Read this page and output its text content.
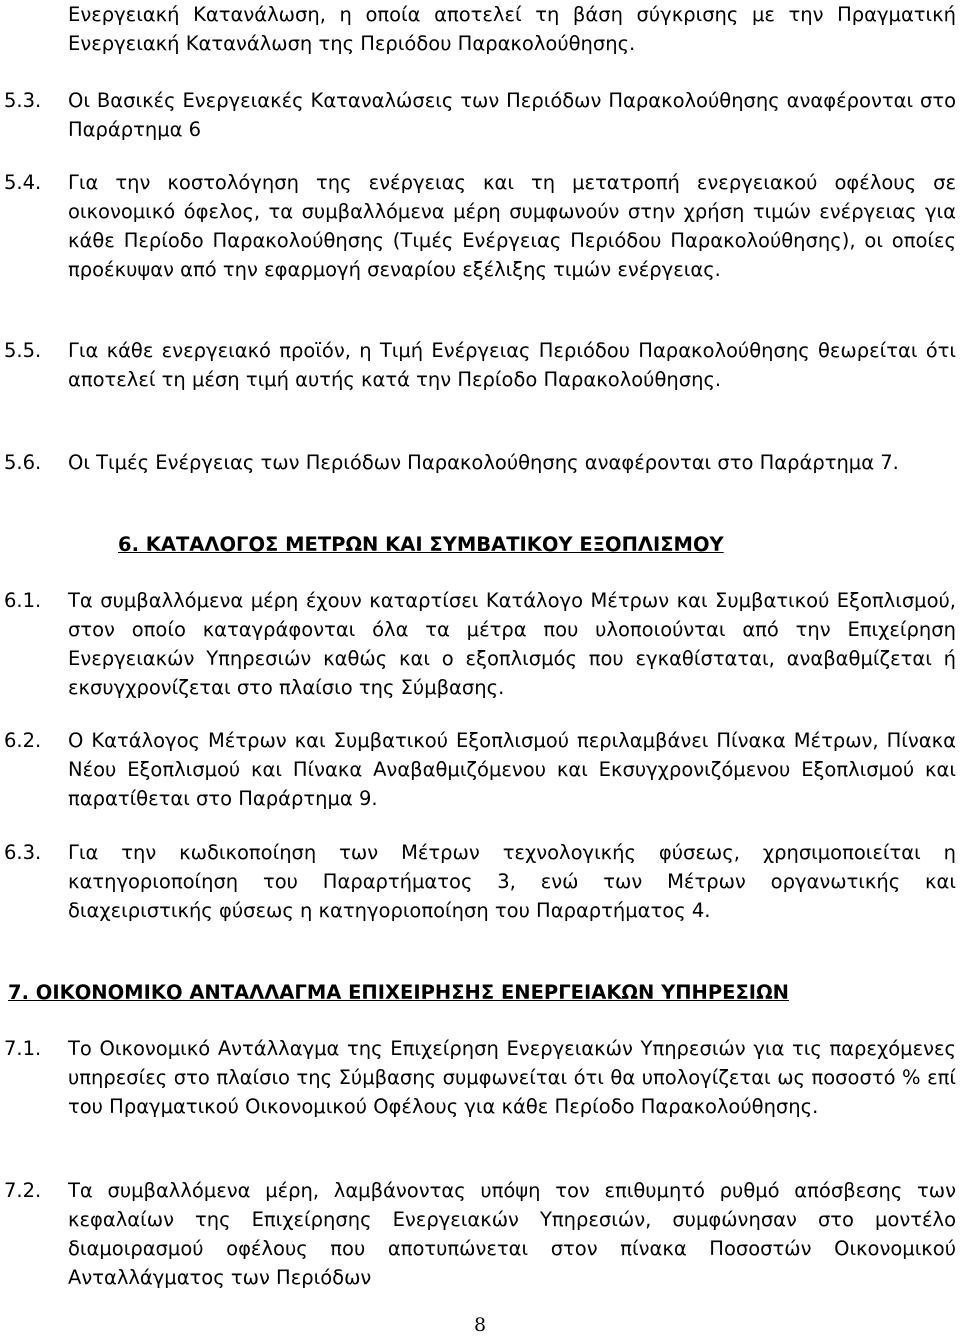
Ενεργειακή Κατανάλωση, η οποία αποτελεί τη βάση σύγκρισης με την Πραγματική Ενεργειακή Κατανάλωση της Περιόδου Παρακολούθησης.
5.3. Οι Βασικές Ενεργειακές Καταναλώσεις των Περιόδων Παρακολούθησης αναφέρονται στο Παράρτημα 6
5.4. Για την κοστολόγηση της ενέργειας και τη μετατροπή ενεργειακού οφέλους σε οικονομικό όφελος, τα συμβαλλόμενα μέρη συμφωνούν στην χρήση τιμών ενέργειας για κάθε Περίοδο Παρακολούθησης (Τιμές Ενέργειας Περιόδου Παρακολούθησης), οι οποίες προέκυψαν από την εφαρμογή σεναρίου εξέλιξης τιμών ενέργειας.
5.5. Για κάθε ενεργειακό προϊόν, η Τιμή Ενέργειας Περιόδου Παρακολούθησης θεωρείται ότι αποτελεί τη μέση τιμή αυτής κατά την Περίοδο Παρακολούθησης.
5.6. Οι Τιμές Ενέργειας των Περιόδων Παρακολούθησης αναφέρονται στο Παράρτημα 7.
6. ΚΑΤΑΛΟΓΟΣ ΜΕΤΡΩΝ ΚΑΙ ΣΥΜΒΑΤΙΚΟΥ ΕΞΟΠΛΙΣΜΟΥ
6.1. Τα συμβαλλόμενα μέρη έχουν καταρτίσει Κατάλογο Μέτρων και Συμβατικού Εξοπλισμού, στον οποίο καταγράφονται όλα τα μέτρα που υλοποιούνται από την Επιχείρηση Ενεργειακών Υπηρεσιών καθώς και ο εξοπλισμός που εγκαθίσταται, αναβαθμίζεται ή εκσυγχρονίζεται στο πλαίσιο της Σύμβασης.
6.2. Ο Κατάλογος Μέτρων και Συμβατικού Εξοπλισμού περιλαμβάνει Πίνακα Μέτρων, Πίνακα Νέου Εξοπλισμού και Πίνακα Αναβαθμιζόμενου και Εκσυγχρονιζόμενου Εξοπλισμού και παρατίθεται στο Παράρτημα 9.
6.3. Για την κωδικοποίηση των Μέτρων τεχνολογικής φύσεως, χρησιμοποιείται η κατηγοριοποίηση του Παραρτήματος 3, ενώ των Μέτρων οργανωτικής και διαχειριστικής φύσεως η κατηγοριοποίηση του Παραρτήματος 4.
7. ΟΙΚΟΝΟΜΙΚΟ ΑΝΤΑΛΛΑΓΜΑ ΕΠΙΧΕΙΡΗΣΗΣ ΕΝΕΡΓΕΙΑΚΩΝ ΥΠΗΡΕΣΙΩΝ
7.1. Το Οικονομικό Αντάλλαγμα της Επιχείρηση Ενεργειακών Υπηρεσιών για τις παρεχόμενες υπηρεσίες στο πλαίσιο της Σύμβασης συμφωνείται ότι θα υπολογίζεται ως ποσοστό % επί του Πραγματικού Οικονομικού Οφέλους για κάθε Περίοδο Παρακολούθησης.
7.2. Τα συμβαλλόμενα μέρη, λαμβάνοντας υπόψη τον επιθυμητό ρυθμό απόσβεσης των κεφαλαίων της Επιχείρησης Ενεργειακών Υπηρεσιών, συμφώνησαν στο μοντέλο διαμοιρασμού οφέλους που αποτυπώνεται στον πίνακα Ποσοστών Οικονομικού Ανταλλάγματος των Περιόδων
8
